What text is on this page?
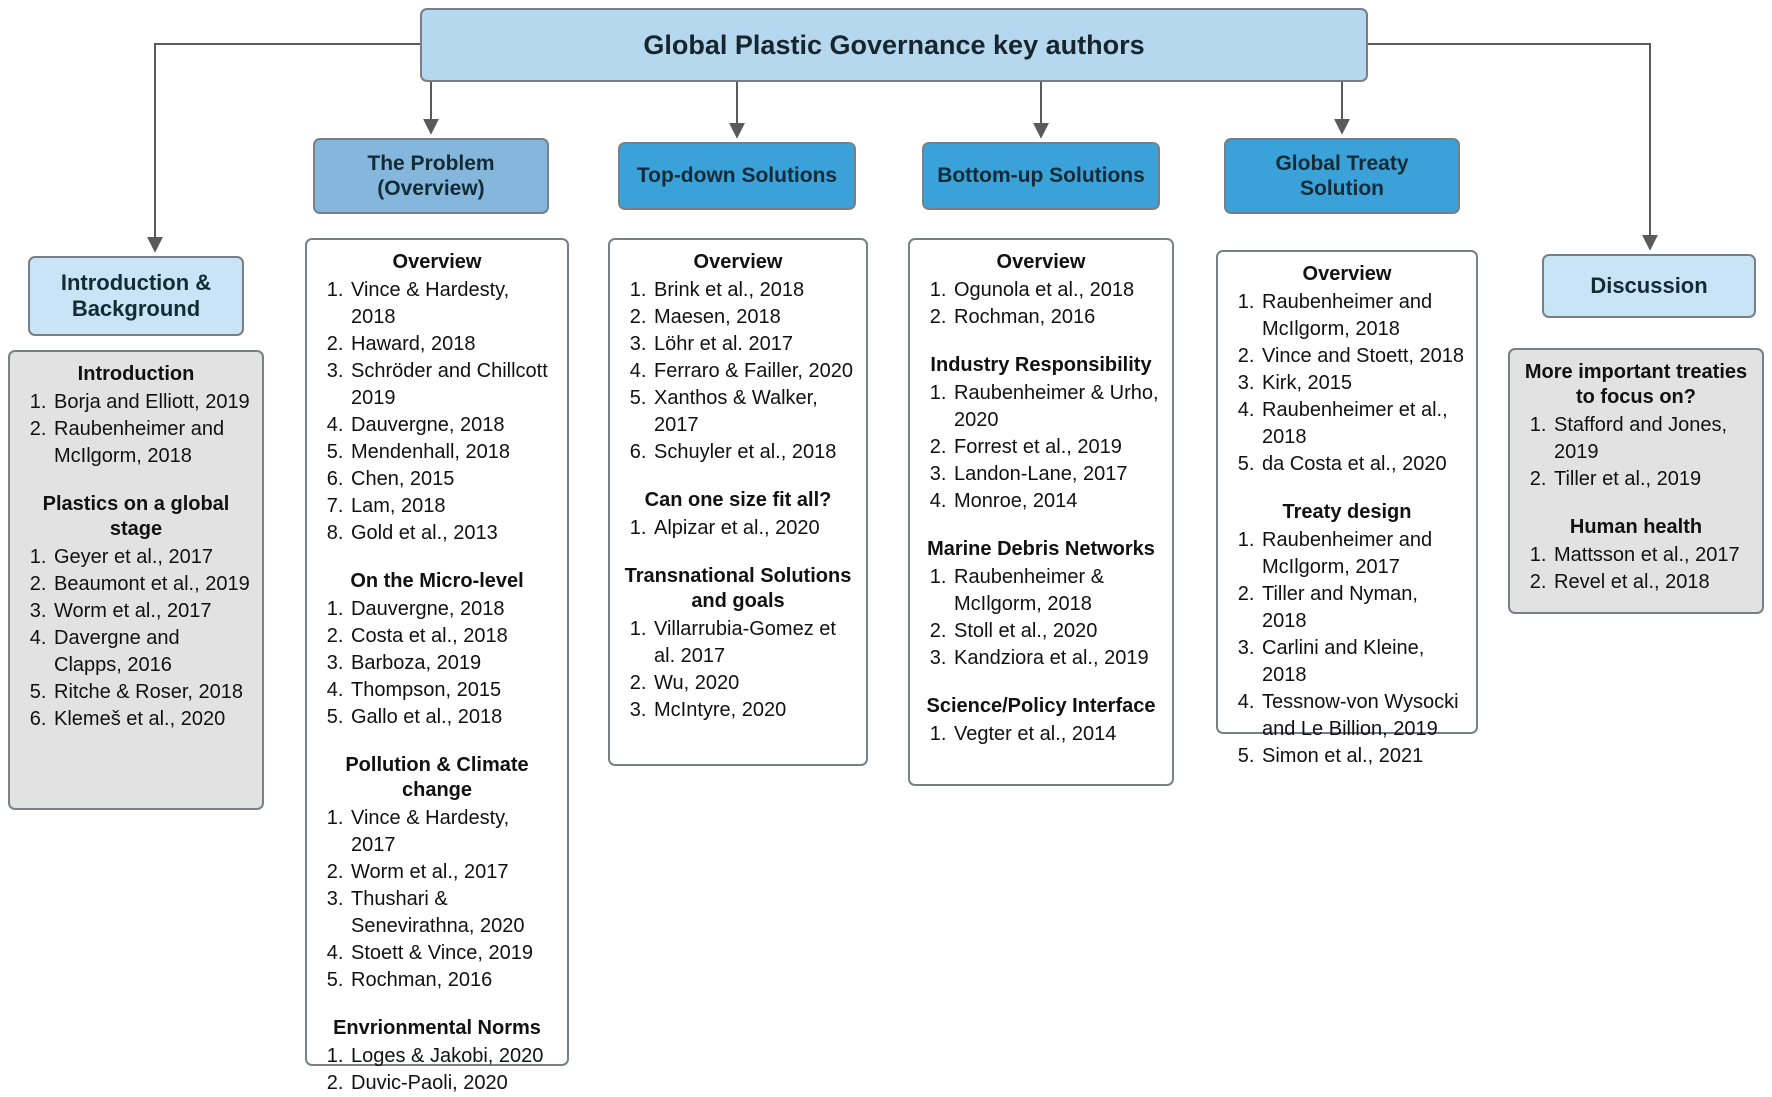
Global Plastic Governance key authors
The Problem (Overview)
Top-down Solutions	Bottom-up Solutions
Global Treaty Solution
Introduction & Background
Discussion
Introduction
1. Borja and Elliott, 2019
2. Raubenheimer and McIlgorm, 2018
Plastics on a global stage
1. Geyer et al., 2017
2. Beaumont et al., 2019
3. Worm et al., 2017
4. Davergne and Clapps, 2016
5. Ritche & Roser, 2018
6. Klemeš et al., 2020
Overview
1. Vince & Hardesty, 2018
2. Haward, 2018
3. Schröder and Chillcott 2019
4. Dauvergne, 2018
5. Mendenhall, 2018
6. Chen, 2015
7. Lam, 2018
8. Gold et al., 2013
On the Micro-level
1. Dauvergne, 2018
2. Costa et al., 2018
3. Barboza, 2019
4. Thompson, 2015
5. Gallo et al., 2018
Pollution & Climate change
1. Vince & Hardesty, 2017
2. Worm et al., 2017
3. Thushari & Senevirathna, 2020
4. Stoett & Vince, 2019
5. Rochman, 2016
Envrionmental Norms
1. Loges & Jakobi, 2020
2. Duvic-Paoli, 2020
Overview
1. Brink et al., 2018
2. Maesen, 2018
3. Löhr et al. 2017
4. Ferraro & Failler, 2020
5. Xanthos & Walker, 2017
6. Schuyler et al., 2018
Can one size fit all?
1. Alpizar et al., 2020
Transnational Solutions and goals
1. Villarrubia-Gomez et al. 2017
2. Wu, 2020
3. McIntyre, 2020
Overview
1. Ogunola et al., 2018
2. Rochman, 2016
Industry Responsibility
1. Raubenheimer & Urho, 2020
2. Forrest et al., 2019
3. Landon-Lane, 2017
4. Monroe, 2014
Marine Debris Networks
1. Raubenheimer & McIlgorm, 2018
2. Stoll et al., 2020
3. Kandziora et al., 2019
Science/Policy Interface
1. Vegter et al., 2014
Overview
1. Raubenheimer and McIlgorm, 2018
2. Vince and Stoett, 2018
3. Kirk, 2015
4. Raubenheimer et al., 2018
5. da Costa et al., 2020
Treaty design
1. Raubenheimer and McIlgorm, 2017
2. Tiller and Nyman, 2018
3. Carlini and Kleine, 2018
4. Tessnow-von Wysocki and Le Billion, 2019
5. Simon et al., 2021
More important treaties to focus on?
1. Stafford and Jones, 2019
2. Tiller et al., 2019
Human health
1. Mattsson et al., 2017
2. Revel et al., 2018
